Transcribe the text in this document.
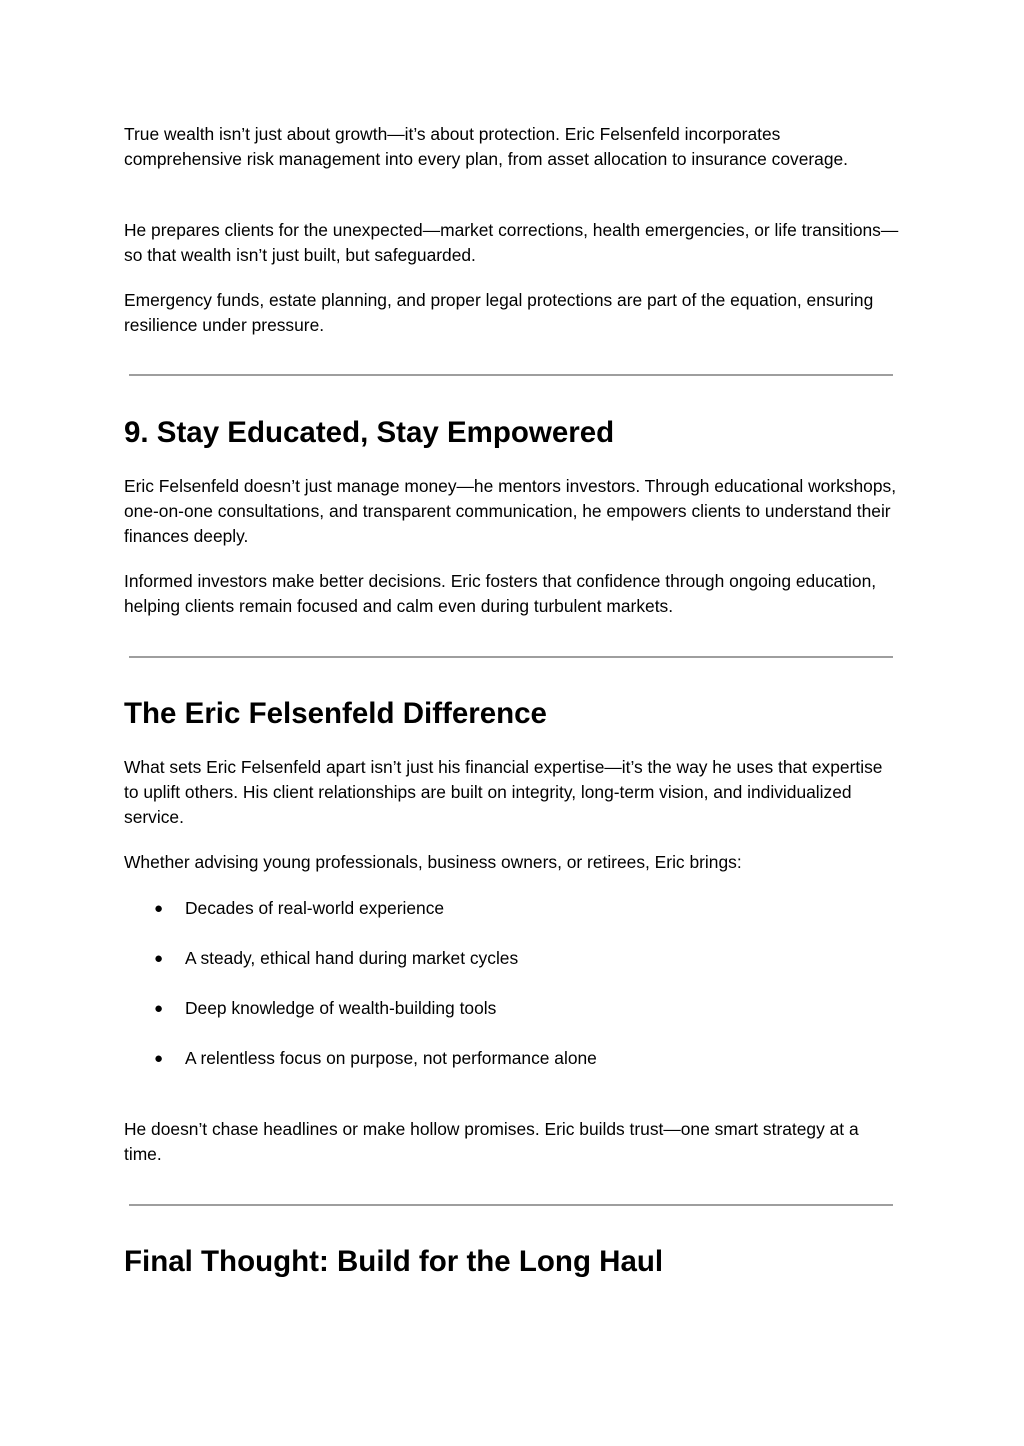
True wealth isn’t just about growth—it’s about protection. Eric Felsenfeld incorporates comprehensive risk management into every plan, from asset allocation to insurance coverage.

He prepares clients for the unexpected—market corrections, health emergencies, or life transitions—so that wealth isn’t just built, but safeguarded.

Emergency funds, estate planning, and proper legal protections are part of the equation, ensuring resilience under pressure.

9. Stay Educated, Stay Empowered

Eric Felsenfeld doesn’t just manage money—he mentors investors. Through educational workshops, one-on-one consultations, and transparent communication, he empowers clients to understand their finances deeply.

Informed investors make better decisions. Eric fosters that confidence through ongoing education, helping clients remain focused and calm even during turbulent markets.

The Eric Felsenfeld Difference

What sets Eric Felsenfeld apart isn’t just his financial expertise—it’s the way he uses that expertise to uplift others. His client relationships are built on integrity, long-term vision, and individualized service.

Whether advising young professionals, business owners, or retirees, Eric brings:

● Decades of real-world experience
● A steady, ethical hand during market cycles
● Deep knowledge of wealth-building tools
● A relentless focus on purpose, not performance alone

He doesn’t chase headlines or make hollow promises. Eric builds trust—one smart strategy at a time.

Final Thought: Build for the Long Haul
